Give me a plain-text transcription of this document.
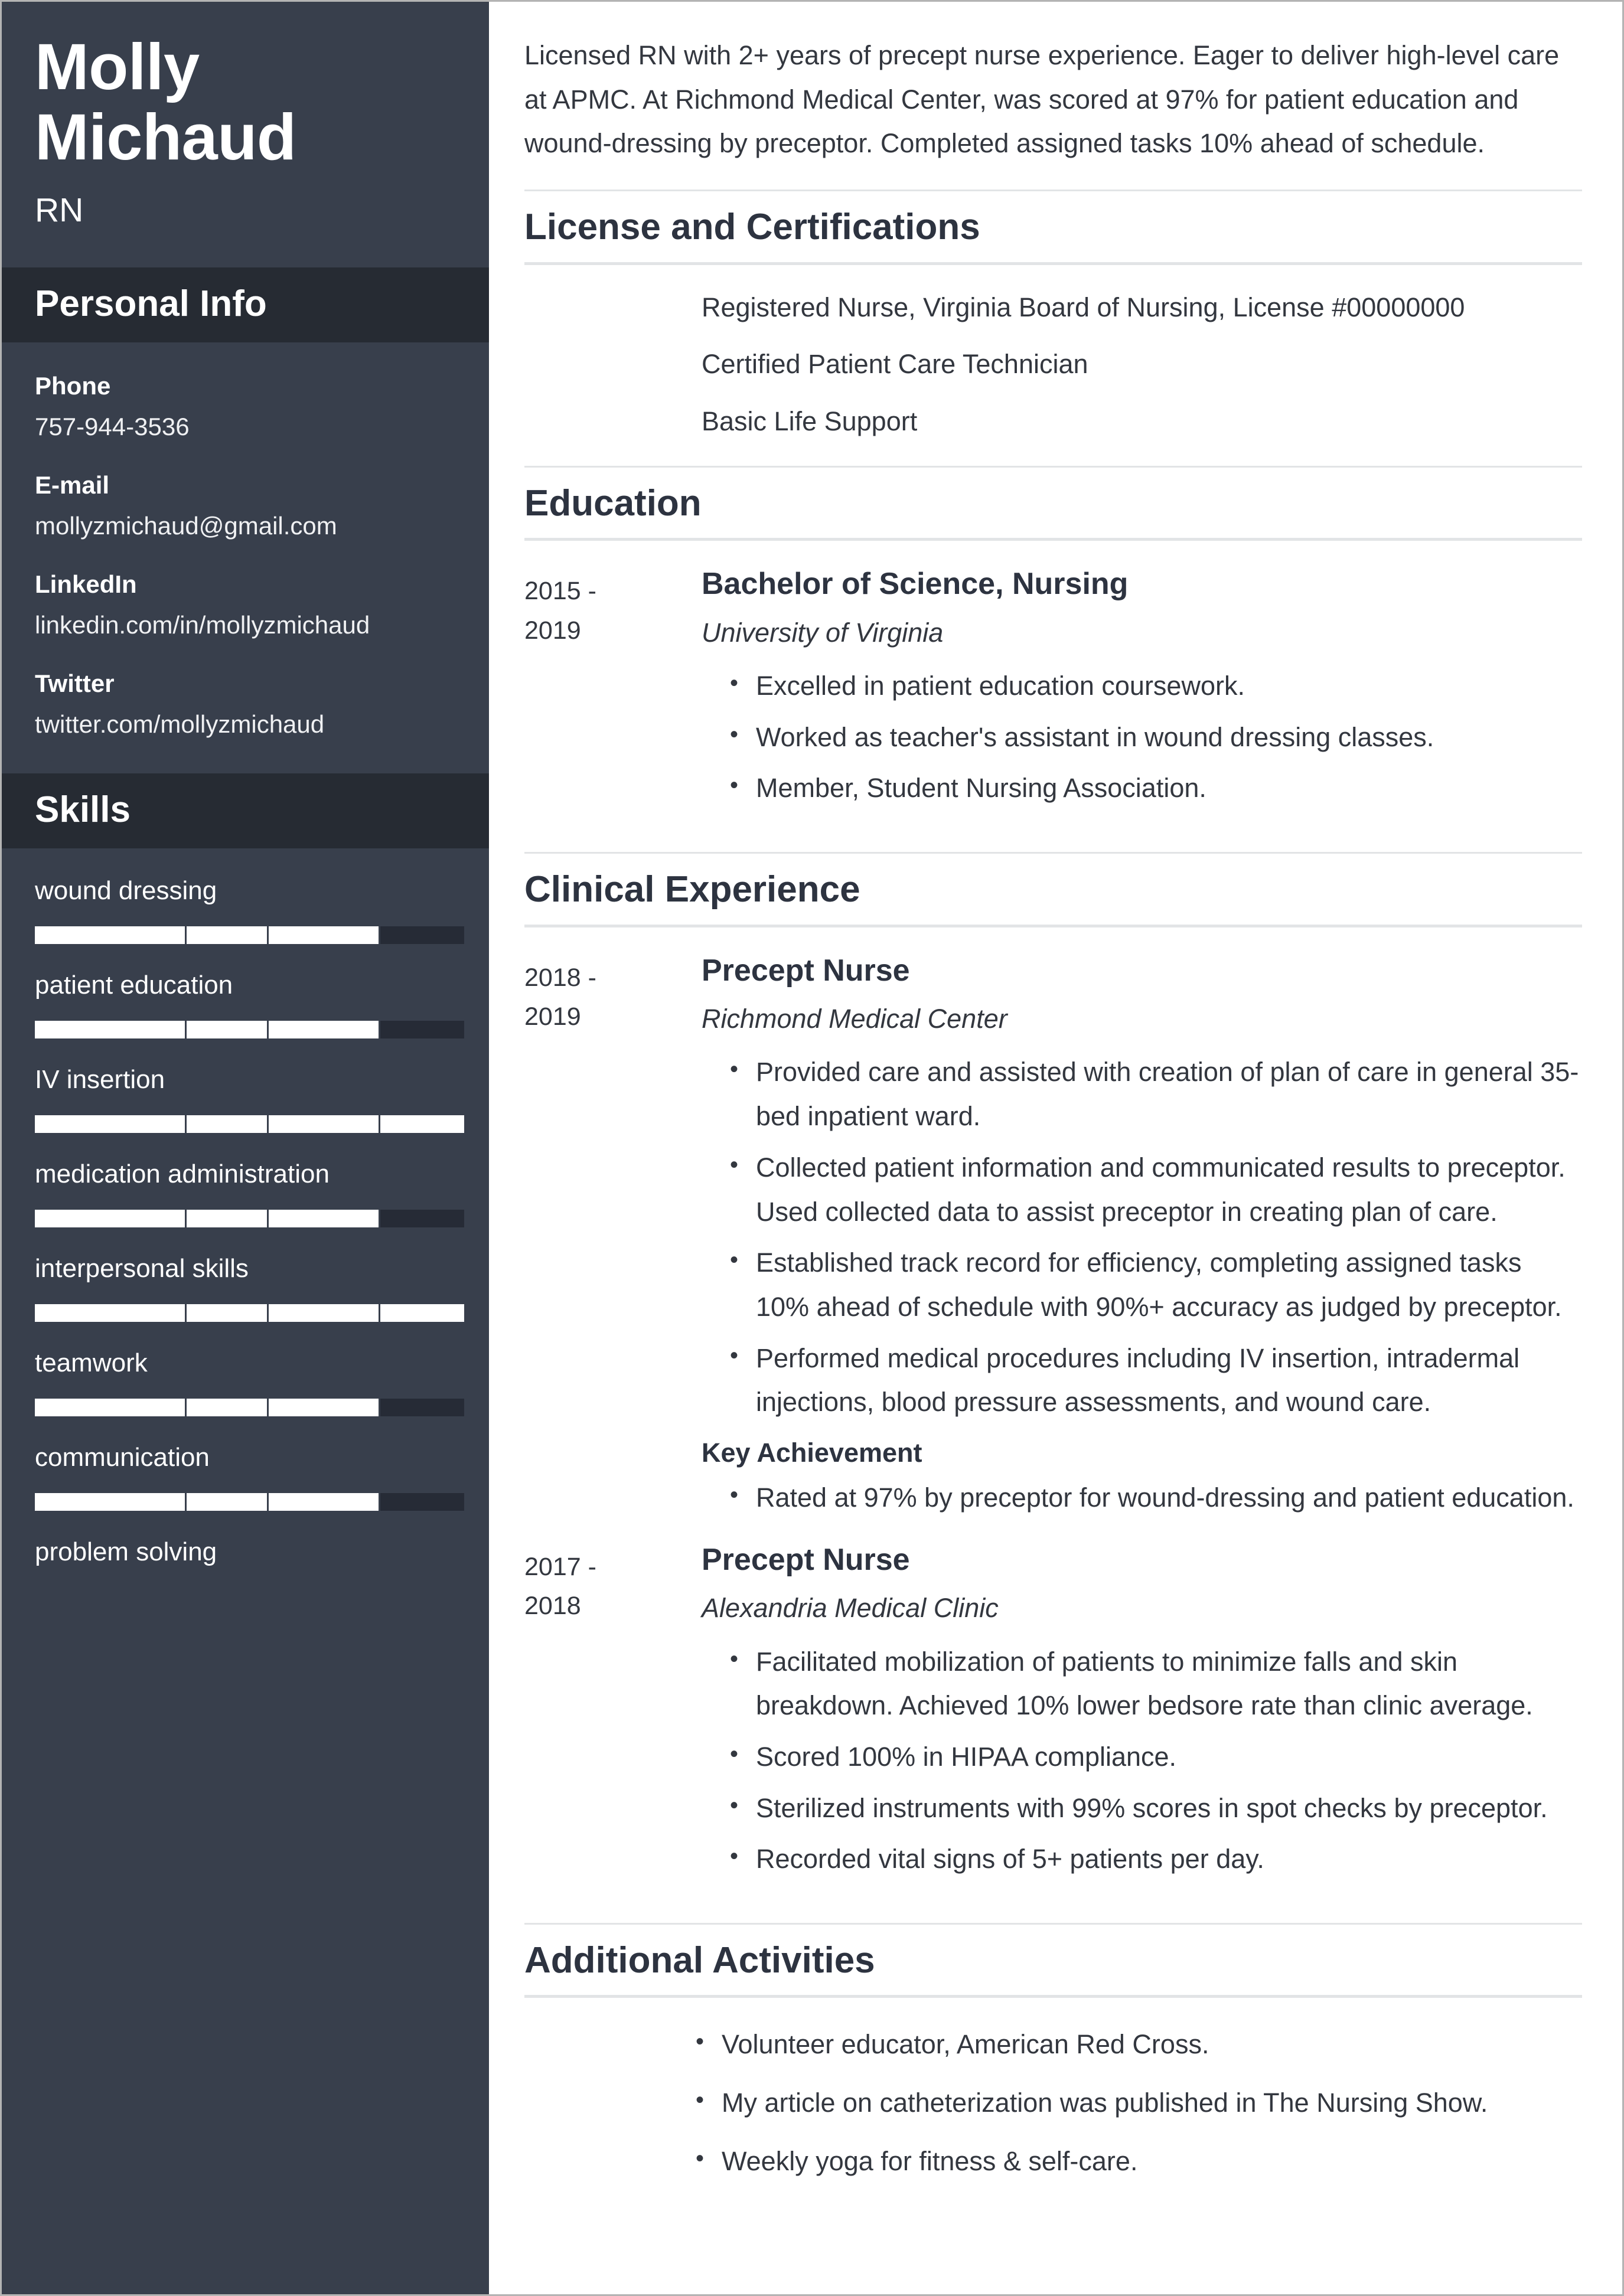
Molly
Michaud
RN
Personal Info
Phone
757-944-3536
E-mail
mollyzmichaud@gmail.com
LinkedIn
linkedin.com/in/mollyzmichaud
Twitter
twitter.com/mollyzmichaud
Skills
wound dressing
patient education
IV insertion
medication administration
interpersonal skills
teamwork
communication
problem solving

Licensed RN with 2+ years of precept nurse experience. Eager to deliver high-level care at APMC. At Richmond Medical Center, was scored at 97% for patient education and wound-dressing by preceptor. Completed assigned tasks 10% ahead of schedule.

License and Certifications
Registered Nurse, Virginia Board of Nursing, License #00000000
Certified Patient Care Technician
Basic Life Support
Education
2015 -
2019
Bachelor of Science, Nursing
University of Virginia
• Excelled in patient education coursework.
• Worked as teacher's assistant in wound dressing classes.
• Member, Student Nursing Association.
Clinical Experience
2018 -
2019
Precept Nurse
Richmond Medical Center
• Provided care and assisted with creation of plan of care in general 35-bed inpatient ward.
• Collected patient information and communicated results to preceptor. Used collected data to assist preceptor in creating plan of care.
• Established track record for efficiency, completing assigned tasks 10% ahead of schedule with 90%+ accuracy as judged by preceptor.
• Performed medical procedures including IV insertion, intradermal injections, blood pressure assessments, and wound care.
Key Achievement
• Rated at 97% by preceptor for wound-dressing and patient education.
2017 -
2018
Precept Nurse
Alexandria Medical Clinic
• Facilitated mobilization of patients to minimize falls and skin breakdown. Achieved 10% lower bedsore rate than clinic average.
• Scored 100% in HIPAA compliance.
• Sterilized instruments with 99% scores in spot checks by preceptor.
• Recorded vital signs of 5+ patients per day.
Additional Activities
• Volunteer educator, American Red Cross.
• My article on catheterization was published in The Nursing Show.
• Weekly yoga for fitness & self-care.
